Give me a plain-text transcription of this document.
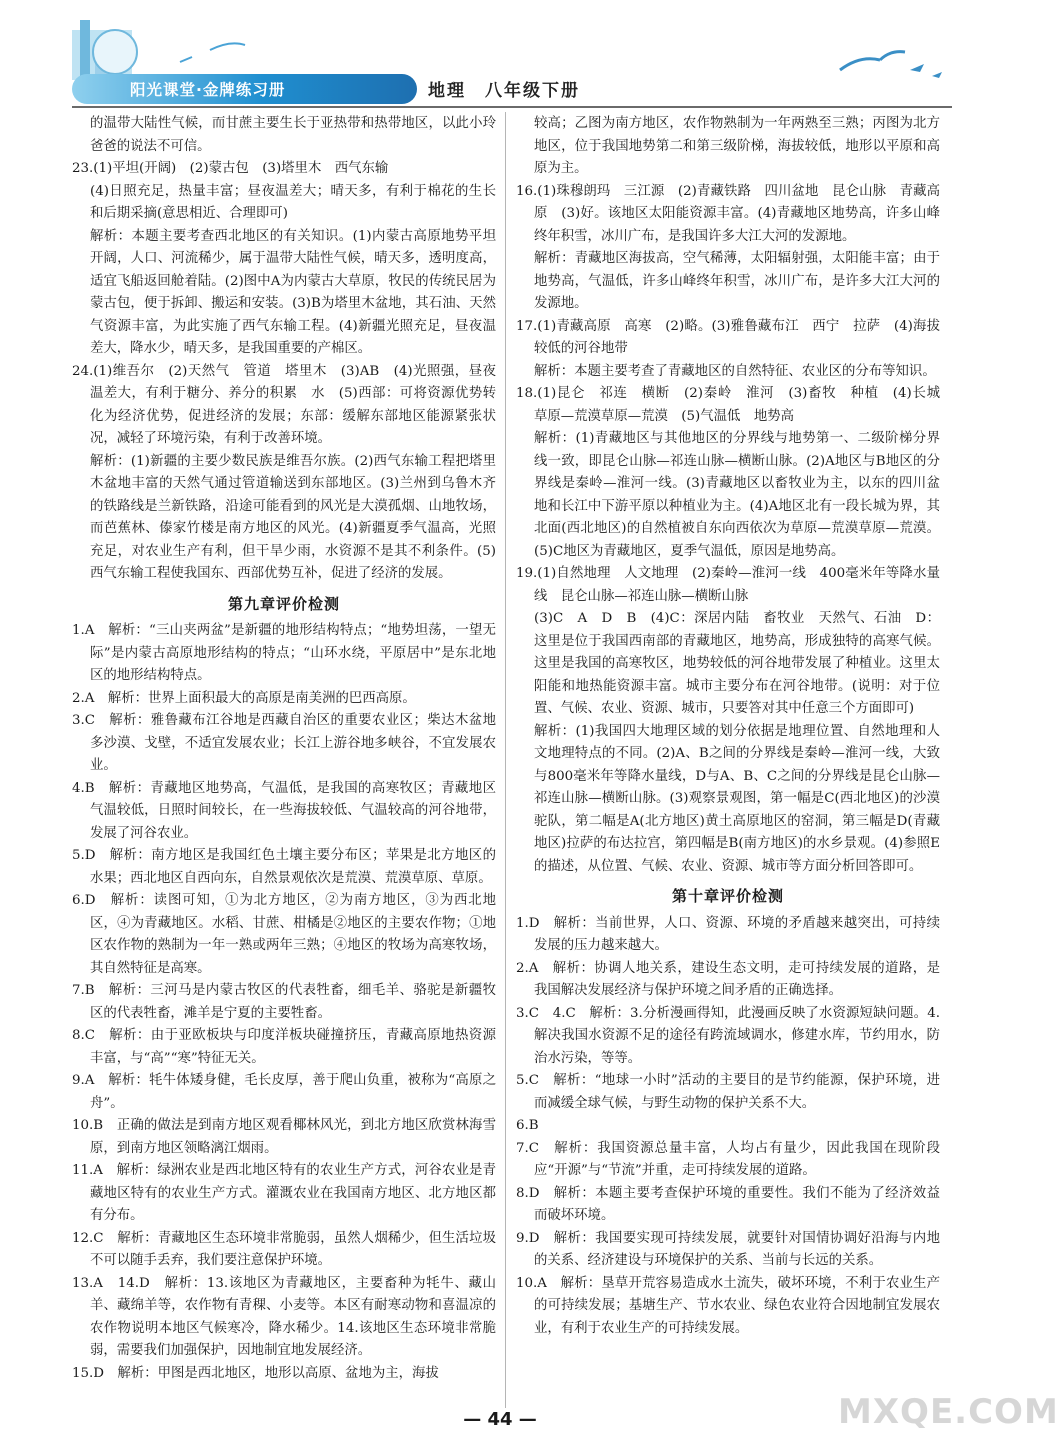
阳光课堂·金牌练习册	地理　八年级下册
的温带大陆性气候，而甘蔗主要生长于亚热带和热带地区，以此小玲爸爸的说法不可信。
23.(1)平坦(开阔)　(2)蒙古包　(3)塔里木　西气东输
(4)日照充足，热量丰富；昼夜温差大；晴天多，有利于棉花的生长和后期采摘(意思相近、合理即可)
解析：本题主要考查西北地区的有关知识。(1)内蒙古高原地势平坦开阔，人口、河流稀少，属于温带大陆性气候，晴天多，透明度高，适宜飞船返回舱着陆。(2)图中A为内蒙古大草原，牧民的传统民居为蒙古包，便于拆卸、搬运和安装。(3)B为塔里木盆地，其石油、天然气资源丰富，为此实施了西气东输工程。(4)新疆光照充足，昼夜温差大，降水少，晴天多，是我国重要的产棉区。
24.(1)维吾尔　(2)天然气　管道　塔里木　(3)AB　(4)光照强，昼夜温差大，有利于糖分、养分的积累　水　(5)西部：可将资源优势转化为经济优势，促进经济的发展；东部：缓解东部地区能源紧张状况，减轻了环境污染，有利于改善环境。
解析：(1)新疆的主要少数民族是维吾尔族。(2)西气东输工程把塔里木盆地丰富的天然气通过管道输送到东部地区。(3)兰州到乌鲁木齐的铁路线是兰新铁路，沿途可能看到的风光是大漠孤烟、山地牧场，而芭蕉林、傣家竹楼是南方地区的风光。(4)新疆夏季气温高，光照充足，对农业生产有利，但干旱少雨，水资源不是其不利条件。(5)西气东输工程使我国东、西部优势互补，促进了经济的发展。
第九章评价检测
1.A　解析：“三山夹两盆”是新疆的地形结构特点；“地势坦荡，一望无际”是内蒙古高原地形结构的特点；“山环水绕，平原居中”是东北地区的地形结构特点。
2.A　解析：世界上面积最大的高原是南美洲的巴西高原。
3.C　解析：雅鲁藏布江谷地是西藏自治区的重要农业区；柴达木盆地多沙漠、戈壁，不适宜发展农业；长江上游谷地多峡谷，不宜发展农业。
4.B　解析：青藏地区地势高，气温低，是我国的高寒牧区；青藏地区气温较低，日照时间较长，在一些海拔较低、气温较高的河谷地带，发展了河谷农业。
5.D　解析：南方地区是我国红色土壤主要分布区；苹果是北方地区的水果；西北地区自西向东，自然景观依次是荒漠、荒漠草原、草原。
6.D　解析：读图可知，①为北方地区，②为南方地区，③为西北地区，④为青藏地区。水稻、甘蔗、柑橘是②地区的主要农作物；①地区农作物的熟制为一年一熟或两年三熟；④地区的牧场为高寒牧场，其自然特征是高寒。
7.B　解析：三河马是内蒙古牧区的代表牲畜，细毛羊、骆驼是新疆牧区的代表牲畜，滩羊是宁夏的主要牲畜。
8.C　解析：由于亚欧板块与印度洋板块碰撞挤压，青藏高原地热资源丰富，与“高”“寒”特征无关。
9.A　解析：牦牛体矮身健，毛长皮厚，善于爬山负重，被称为“高原之舟”。
10.B　正确的做法是到南方地区观看椰林风光，到北方地区欣赏林海雪原，到南方地区领略漓江烟雨。
11.A　解析：绿洲农业是西北地区特有的农业生产方式，河谷农业是青藏地区特有的农业生产方式。灌溉农业在我国南方地区、北方地区都有分布。
12.C　解析：青藏地区生态环境非常脆弱，虽然人烟稀少，但生活垃圾不可以随手丢弃，我们要注意保护环境。
13.A　14.D　解析：13.该地区为青藏地区，主要畜种为牦牛、藏山羊、藏绵羊等，农作物有青稞、小麦等。本区有耐寒动物和喜温凉的农作物说明本地区气候寒冷，降水稀少。14.该地区生态环境非常脆弱，需要我们加强保护，因地制宜地发展经济。
15.D　解析：甲图是西北地区，地形以高原、盆地为主，海拔
较高；乙图为南方地区，农作物熟制为一年两熟至三熟；丙图为北方地区，位于我国地势第二和第三级阶梯，海拔较低，地形以平原和高原为主。
16.(1)珠穆朗玛　三江源　(2)青藏铁路　四川盆地　昆仑山脉　青藏高原　(3)好。该地区太阳能资源丰富。(4)青藏地区地势高，许多山峰终年积雪，冰川广布，是我国许多大江大河的发源地。
解析：青藏地区海拔高，空气稀薄，太阳辐射强，太阳能丰富；由于地势高，气温低，许多山峰终年积雪，冰川广布，是许多大江大河的发源地。
17.(1)青藏高原　高寒　(2)略。(3)雅鲁藏布江　西宁　拉萨　(4)海拔较低的河谷地带
解析：本题主要考查了青藏地区的自然特征、农业区的分布等知识。
18.(1)昆仑　祁连　横断　(2)秦岭　淮河　(3)畜牧　种植　(4)长城　草原—荒漠草原—荒漠　(5)气温低　地势高
解析：(1)青藏地区与其他地区的分界线与地势第一、二级阶梯分界线一致，即昆仑山脉—祁连山脉—横断山脉。(2)A地区与B地区的分界线是秦岭—淮河一线。(3)青藏地区以畜牧业为主，以东的四川盆地和长江中下游平原以种植业为主。(4)A地区北有一段长城为界，其北面(西北地区)的自然植被自东向西依次为草原—荒漠草原—荒漠。(5)C地区为青藏地区，夏季气温低，原因是地势高。
19.(1)自然地理　人文地理　(2)秦岭—淮河一线　400毫米年等降水量线　昆仑山脉—祁连山脉—横断山脉
(3)C　A　D　B　(4)C：深居内陆　畜牧业　天然气、石油　D：这里是位于我国西南部的青藏地区，地势高，形成独特的高寒气候。这里是我国的高寒牧区，地势较低的河谷地带发展了种植业。这里太阳能和地热能资源丰富。城市主要分布在河谷地带。(说明：对于位置、气候、农业、资源、城市，只要答对其中任意三个方面即可)
解析：(1)我国四大地理区域的划分依据是地理位置、自然地理和人文地理特点的不同。(2)A、B之间的分界线是秦岭—淮河一线，大致与800毫米年等降水量线，D与A、B、C之间的分界线是昆仑山脉—祁连山脉—横断山脉。(3)观察景观图，第一幅是C(西北地区)的沙漠驼队，第二幅是A(北方地区)黄土高原地区的窑洞，第三幅是D(青藏地区)拉萨的布达拉宫，第四幅是B(南方地区)的水乡景观。(4)参照E的描述，从位置、气候、农业、资源、城市等方面分析回答即可。
第十章评价检测
1.D　解析：当前世界，人口、资源、环境的矛盾越来越突出，可持续发展的压力越来越大。
2.A　解析：协调人地关系，建设生态文明，走可持续发展的道路，是我国解决发展经济与保护环境之间矛盾的正确选择。
3.C　4.C　解析：3.分析漫画得知，此漫画反映了水资源短缺问题。4.解决我国水资源不足的途径有跨流域调水，修建水库，节约用水，防治水污染，等等。
5.C　解析：“地球一小时”活动的主要目的是节约能源，保护环境，进而减缓全球气候，与野生动物的保护关系不大。
6.B
7.C　解析：我国资源总量丰富，人均占有量少，因此我国在现阶段应“开源”与“节流”并重，走可持续发展的道路。
8.D　解析：本题主要考查保护环境的重要性。我们不能为了经济效益而破坏环境。
9.D　解析：我国要实现可持续发展，就要针对国情协调好沿海与内地的关系、经济建设与环境保护的关系、当前与长远的关系。
10.A　解析：垦草开荒容易造成水土流失，破坏环境，不利于农业生产的可持续发展；基塘生产、节水农业、绿色农业符合因地制宜发展农业，有利于农业生产的可持续发展。
— 44 —	MXQE.COM
